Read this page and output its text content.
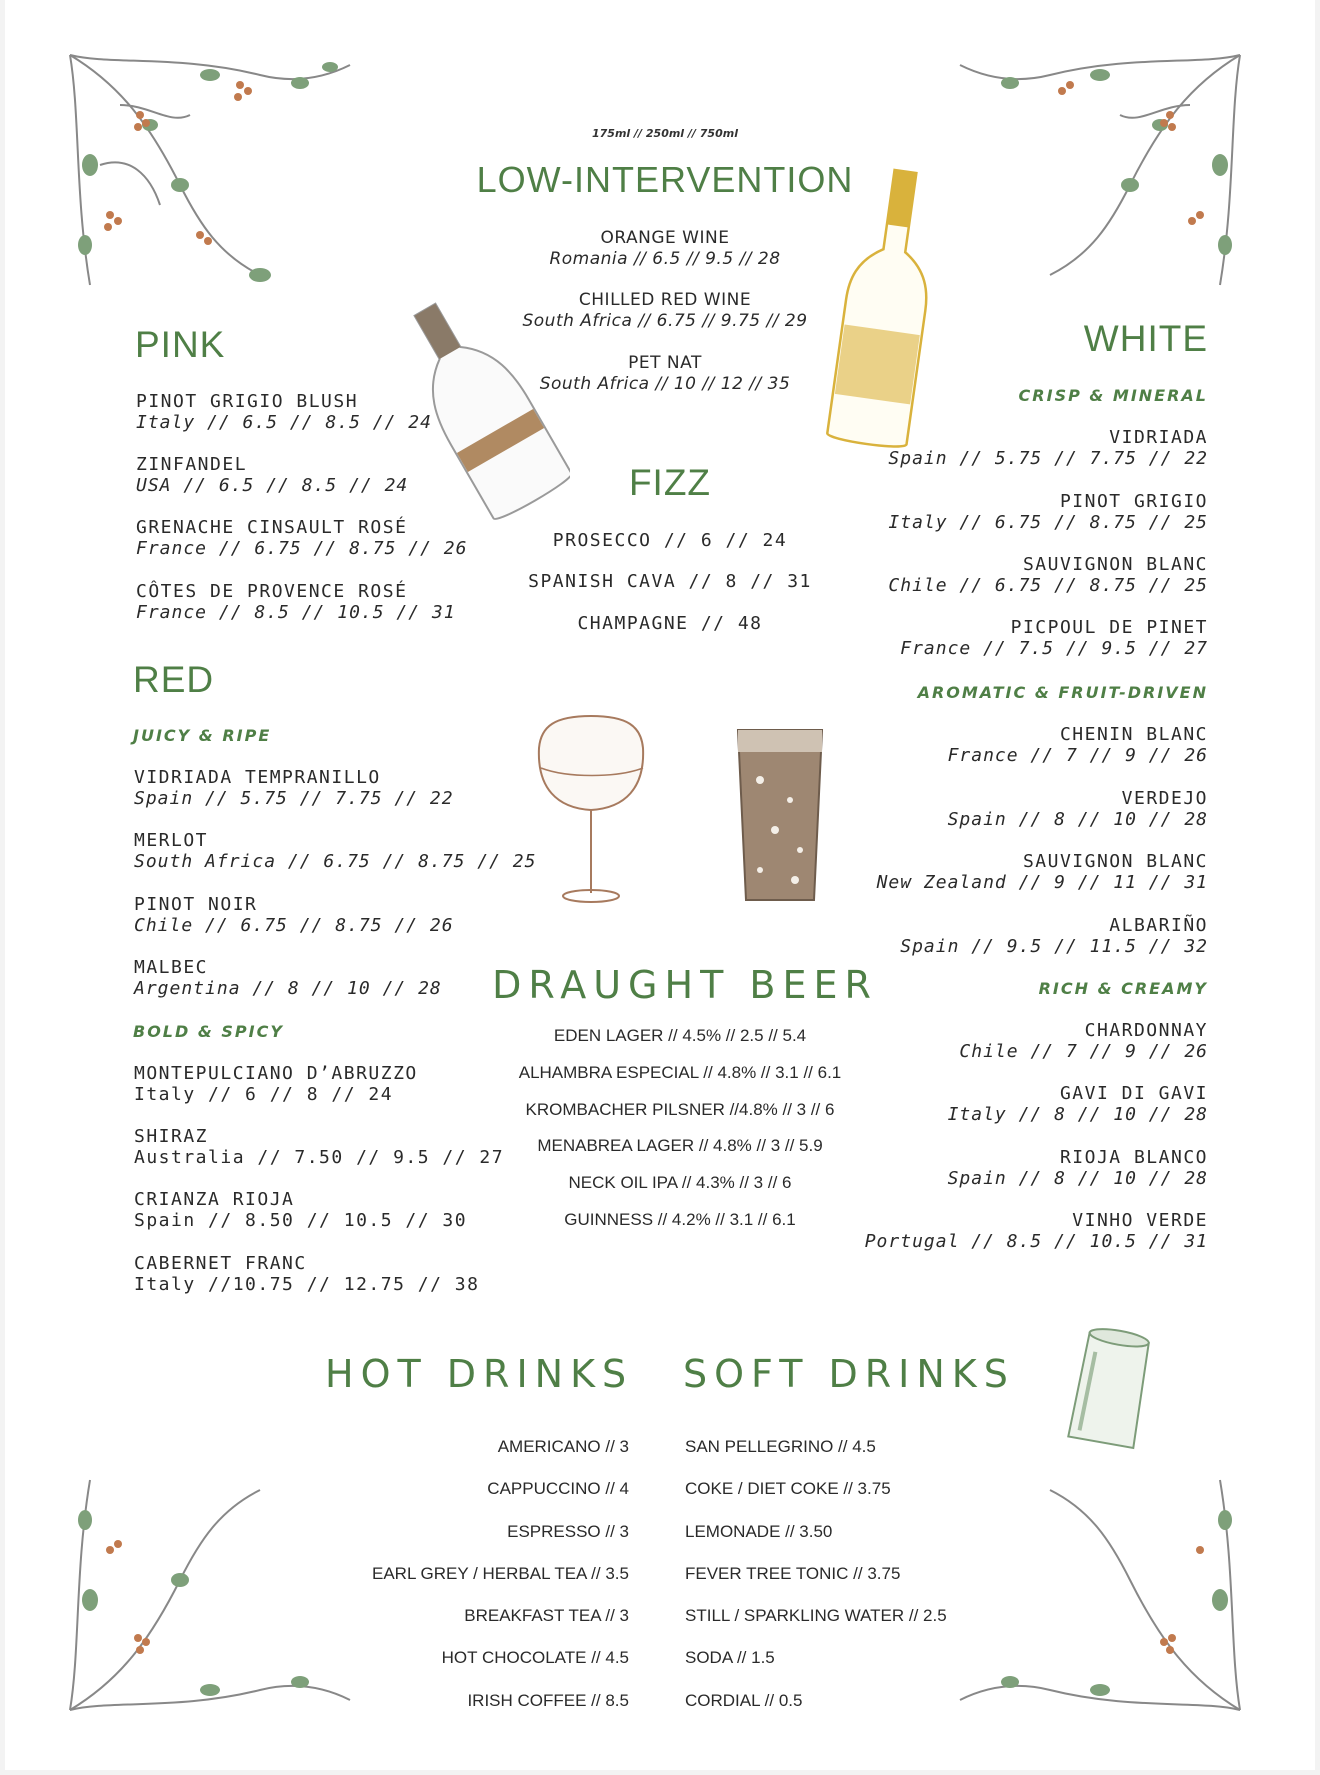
175ml // 250ml // 750ml
LOW-INTERVENTION
ORANGE WINE
Romania // 6.5 // 9.5 // 28
CHILLED RED WINE
South Africa // 6.75 // 9.75 // 29
PET NAT
South Africa // 10 // 12 // 35
PINK
PINOT GRIGIO BLUSH
Italy // 6.5 // 8.5 // 24
ZINFANDEL
USA // 6.5 // 8.5 // 24
GRENACHE CINSAULT ROSÉ
France // 6.75 // 8.75 // 26
CÔTES DE PROVENCE ROSÉ
France // 8.5 // 10.5 // 31
FIZZ
PROSECCO // 6 // 24
SPANISH CAVA // 8 // 31
CHAMPAGNE // 48
RED
JUICY & RIPE
VIDRIADA TEMPRANILLO
Spain // 5.75 // 7.75 // 22
MERLOT
South Africa // 6.75 // 8.75 // 25
PINOT NOIR
Chile // 6.75 // 8.75 // 26
MALBEC
Argentina // 8 // 10 // 28
BOLD & SPICY
MONTEPULCIANO D’ABRUZZO
Italy // 6 // 8 // 24
SHIRAZ
Australia // 7.50 // 9.5 // 27
CRIANZA RIOJA
Spain // 8.50 // 10.5 // 30
CABERNET FRANC
Italy //10.75 // 12.75 // 38
WHITE
CRISP & MINERAL
VIDRIADA
Spain // 5.75 // 7.75 // 22
PINOT GRIGIO
Italy // 6.75 // 8.75 // 25
SAUVIGNON BLANC
Chile // 6.75 // 8.75 // 25
PICPOUL DE PINET
France // 7.5 // 9.5 // 27
AROMATIC & FRUIT-DRIVEN
CHENIN BLANC
France // 7 // 9 // 26
VERDEJO
Spain // 8 // 10 // 28
SAUVIGNON BLANC
New Zealand // 9 // 11 // 31
ALBARIÑO
Spain // 9.5 // 11.5 // 32
RICH & CREAMY
CHARDONNAY
Chile // 7 // 9 // 26
GAVI DI GAVI
Italy // 8 // 10 // 28
RIOJA BLANCO
Spain // 8 // 10 // 28
VINHO VERDE
Portugal // 8.5 // 10.5 // 31
DRAUGHT BEER
EDEN LAGER // 4.5% // 2.5 // 5.4
ALHAMBRA ESPECIAL // 4.8% // 3.1 // 6.1
KROMBACHER PILSNER //4.8% // 3 // 6
MENABREA LAGER // 4.8% // 3 // 5.9
NECK OIL IPA // 4.3% // 3 // 6
GUINNESS // 4.2% // 3.1 // 6.1
HOT DRINKS
AMERICANO // 3
CAPPUCCINO // 4
ESPRESSO // 3
EARL GREY / HERBAL TEA // 3.5
BREAKFAST TEA // 3
HOT CHOCOLATE // 4.5
IRISH COFFEE // 8.5
SOFT DRINKS
SAN PELLEGRINO // 4.5
COKE / DIET COKE // 3.75
LEMONADE // 3.50
FEVER TREE TONIC // 3.75
STILL / SPARKLING WATER // 2.5
SODA // 1.5
CORDIAL // 0.5
